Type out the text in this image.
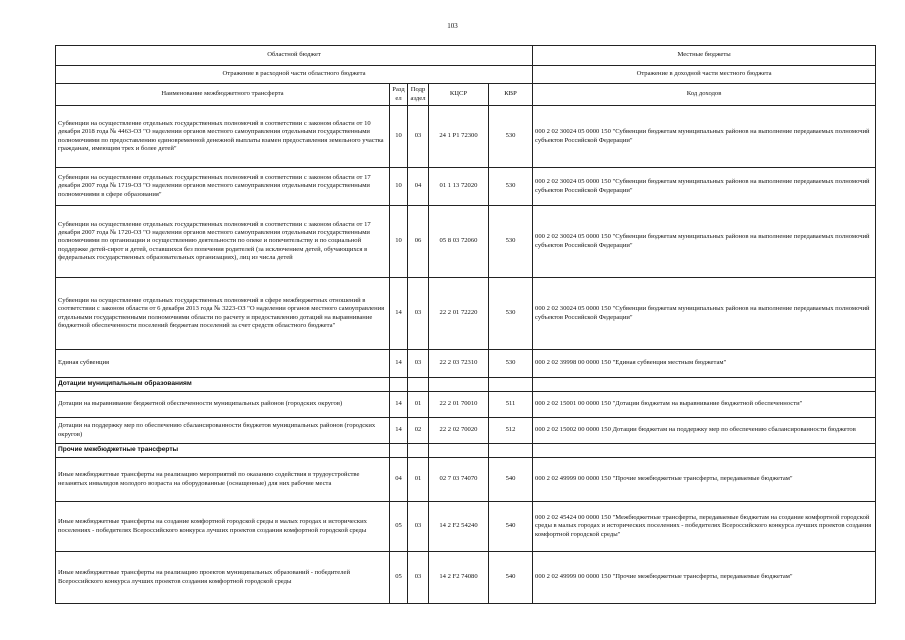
103
Областной бюджет					Местные бюджеты
Отражение в расходной части областного бюджета					Отражение в доходной части местного бюджета
Наименование межбюджетного трансферта	Разд ел	Подр аздел	КЦСР	КВР	Код доходов
Субвенции на осуществление отдельных государственных полномочий в соответствии с законом области от 10 декабря 2018 года № 4463-ОЗ "О наделении органов местного самоуправления отдельными государственными полномочиями по предоставлению единовременной денежной выплаты взамен предоставления земельного участка гражданам, имеющим трех и более детей"	10	03	24 1 P1 72300	530	000 2 02 30024 05 0000 150 "Субвенции бюджетам муниципальных районов на выполнение передаваемых полномочий субъектов Российской Федерации"
Субвенции на осуществление отдельных государственных полномочий в соответствии с законом области от 17 декабря 2007 года № 1719-ОЗ "О наделении органов местного самоуправления отдельными государственными полномочиями в сфере образования"	10	04	01 1 13 72020	530	000 2 02 30024 05 0000 150 "Субвенции бюджетам муниципальных районов на выполнение передаваемых полномочий субъектов Российской Федерации"

Субвенции на осуществление отдельных государственных полномочий в соответствии с законом области от 17 декабря 2007 года № 1720-ОЗ "О наделении органов местного самоуправления отдельными государственными полномочиями по организации и осуществлению деятельности по опеке и попечительству и по социальной поддержке детей-сирот и детей, оставшихся без попечения родителей (за исключением детей, обучающихся в федеральных государственных образовательных организациях), лиц из числа детей	10	06	05 8 03 72060	530	000 2 02 30024 05 0000 150 "Субвенции бюджетам муниципальных районов на выполнение передаваемых полномочий субъектов Российской Федерации"
Субвенции на осуществление отдельных государственных полномочий в сфере межбюджетных отношений в соответствии с законом области от 6 декабря 2013 года № 3223-ОЗ "О наделении органов местного самоуправления отдельными государственными полномочиями области по расчету и предоставлению дотаций на выравнивание бюджетной обеспеченности поселений бюджетам поселений за счет средств областного бюджета"	14	03	22 2 01 72220	530	000 2 02 30024 05 0000 150 "Субвенции бюджетам муниципальных районов на выполнение передаваемых полномочий субъектов Российской Федерации"
Единая субвенция	14	03	22 2 03 72310	530	000 2 02 39998 00 0000 150 "Единая субвенция местным бюджетам"
Дотации муниципальным образованиям					
Дотации на выравнивание бюджетной обеспеченности муниципальных районов (городских округов)	14	01	22 2 01 70010	511	000 2 02 15001 00 0000 150 "Дотации бюджетам на выравнивание бюджетной обеспеченности"
Дотации на поддержку мер по обеспечению сбалансированности бюджетов муниципальных районов (городских округов)	14	02	22 2 02 70020	512	000 2 02 15002 00 0000 150 Дотации бюджетам на поддержку мер по обеспечению сбалансированности бюджетов
Прочие межбюджетные трансферты					
Иные межбюджетные трансферты на реализацию мероприятий по оказанию содействия в трудоустройстве незанятых инвалидов молодого возраста на оборудованные (оснащенные) для них рабочие места	04	01	02 7 03 74070	540	000 2 02 49999 00 0000 150 "Прочие межбюджетные трансферты, передаваемые бюджетам"
Иные межбюджетные трансферты на создание комфортной городской среды в малых городах и исторических поселениях - победителях Всероссийского конкурса лучших проектов создания комфортной городской среды	05	03	14 2 F2 54240	540	000 2 02 45424 00 0000 150 "Межбюджетные трансферты, передаваемые бюджетам на создание комфортной городской среды в малых городах и исторических поселениях - победителях Всероссийского конкурса лучших проектов создания комфортной городской среды"
Иные межбюджетные трансферты на реализацию проектов муниципальных образований - победителей Всероссийского конкурса лучших проектов создания комфортной городской среды	05	03	14 2 F2 74080	540	000 2 02 49999 00 0000 150 "Прочие межбюджетные трансферты, передаваемые бюджетам"
